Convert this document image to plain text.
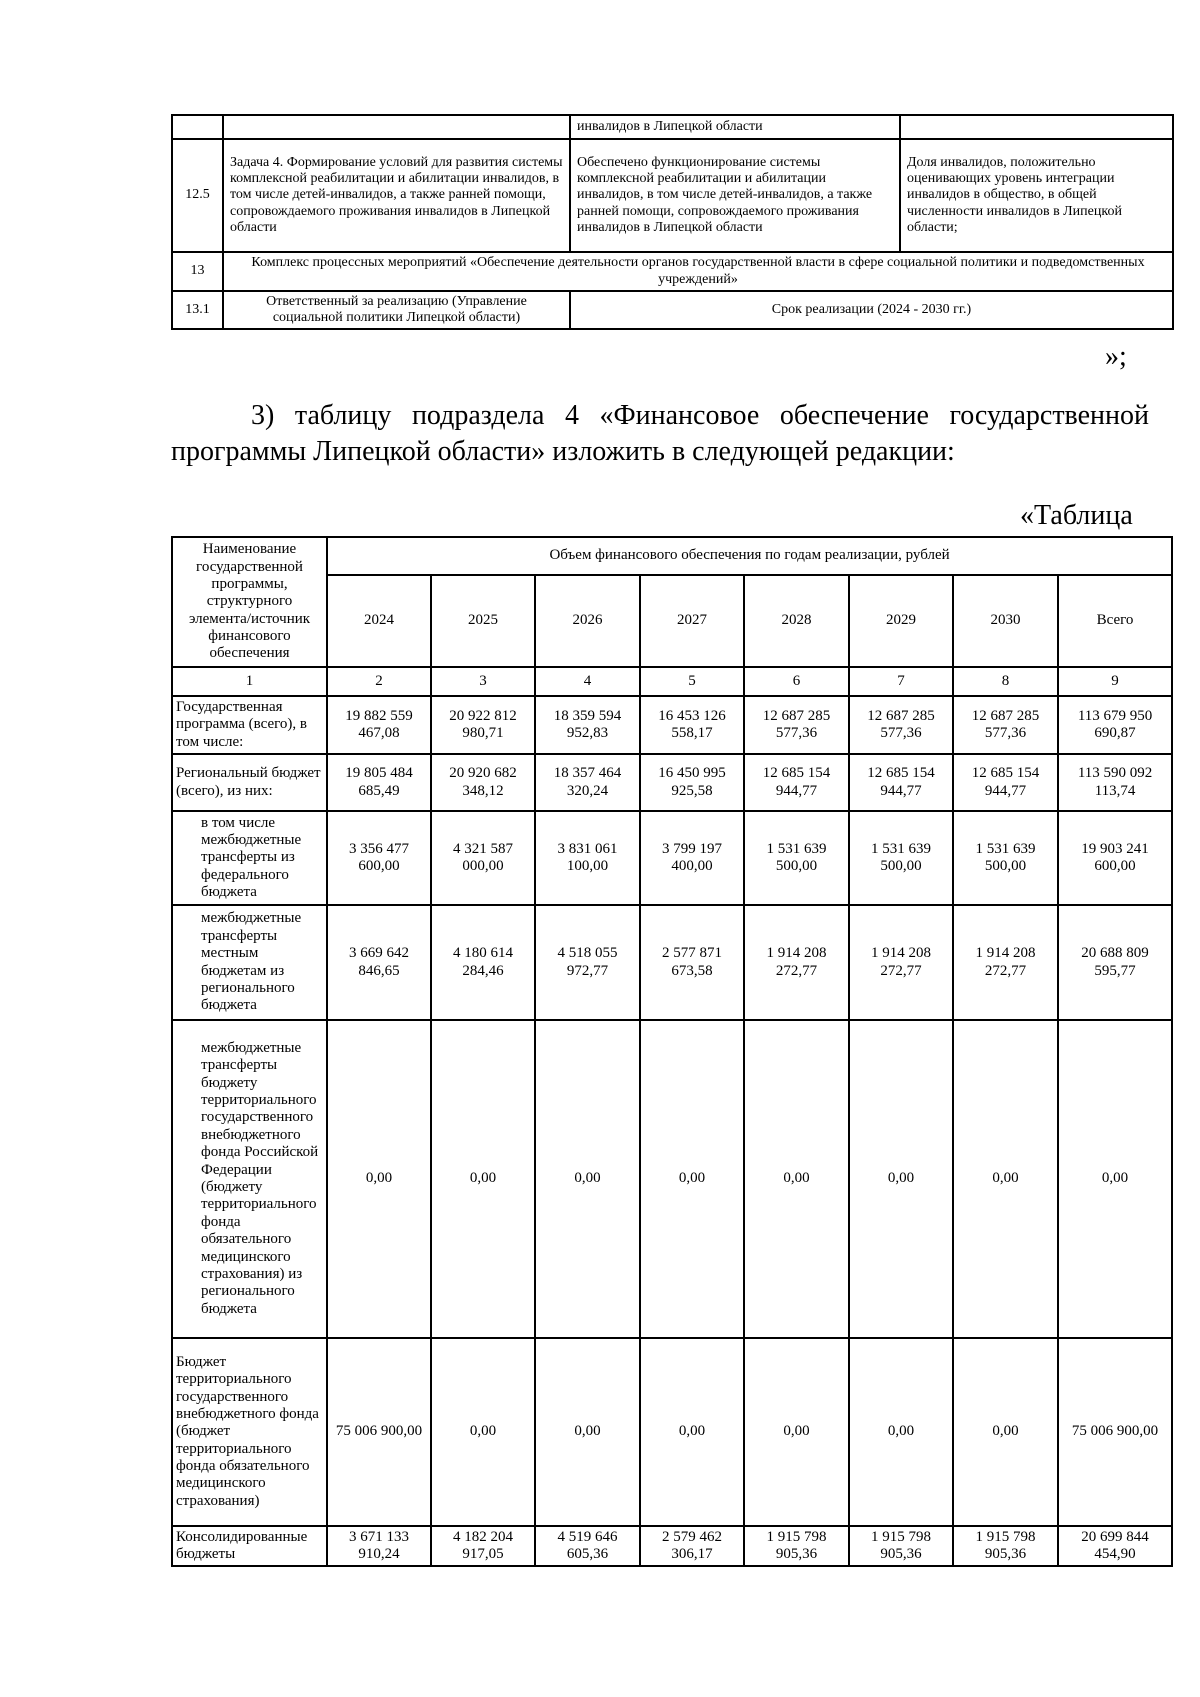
		инвалидов в Липецкой области	
12.5	Задача 4. Формирование условий для развития системы комплексной реабилитации и абилитации инвалидов, в том числе детей-инвалидов, а также ранней помощи, сопровождаемого проживания инвалидов в Липецкой области	Обеспечено функционирование системы комплексной реабилитации и абилитации инвалидов, в том числе детей-инвалидов, а также ранней помощи, сопровождаемого проживания инвалидов в Липецкой области	Доля инвалидов, положительно оценивающих уровень интеграции инвалидов в общество, в общей численности инвалидов в Липецкой области;
13	Комплекс процессных мероприятий «Обеспечение деятельности органов государственной власти в сфере социальной политики и подведомственных учреждений»		
13.1	Ответственный за реализацию (Управление социальной политики Липецкой области)	Срок реализации (2024 - 2030 гг.)	
»;
3) таблицу подраздела 4 «Финансовое обеспечение государственной программы Липецкой области» изложить в следующей редакции:
«Таблица
Наименование государственной программы, структурного элемента/источник финансового обеспечения	Объем финансового обеспечения по годам реализации, рублей							
	2024	2025	2026	2027	2028	2029	2030	Всего
1	2	3	4	5	6	7	8	9
Государственная программа (всего), в том числе:	19 882 559 467,08	20 922 812 980,71	18 359 594 952,83	16 453 126 558,17	12 687 285 577,36	12 687 285 577,36	12 687 285 577,36	113 679 950 690,87
Региональный бюджет (всего), из них:	19 805 484 685,49	20 920 682 348,12	18 357 464 320,24	16 450 995 925,58	12 685 154 944,77	12 685 154 944,77	12 685 154 944,77	113 590 092 113,74
в том числе межбюджетные трансферты из федерального бюджета	3 356 477 600,00	4 321 587 000,00	3 831 061 100,00	3 799 197 400,00	1 531 639 500,00	1 531 639 500,00	1 531 639 500,00	19 903 241 600,00
межбюджетные трансферты местным бюджетам из регионального бюджета	3 669 642 846,65	4 180 614 284,46	4 518 055 972,77	2 577 871 673,58	1 914 208 272,77	1 914 208 272,77	1 914 208 272,77	20 688 809 595,77
межбюджетные трансферты бюджету территориального государственного внебюджетного фонда Российской Федерации (бюджету территориального фонда обязательного медицинского страхования) из регионального бюджета	0,00	0,00	0,00	0,00	0,00	0,00	0,00	0,00
Бюджет территориального государственного внебюджетного фонда (бюджет территориального фонда обязательного медицинского страхования)	75 006 900,00	0,00	0,00	0,00	0,00	0,00	0,00	75 006 900,00
Консолидированные бюджеты	3 671 133 910,24	4 182 204 917,05	4 519 646 605,36	2 579 462 306,17	1 915 798 905,36	1 915 798 905,36	1 915 798 905,36	20 699 844 454,90
